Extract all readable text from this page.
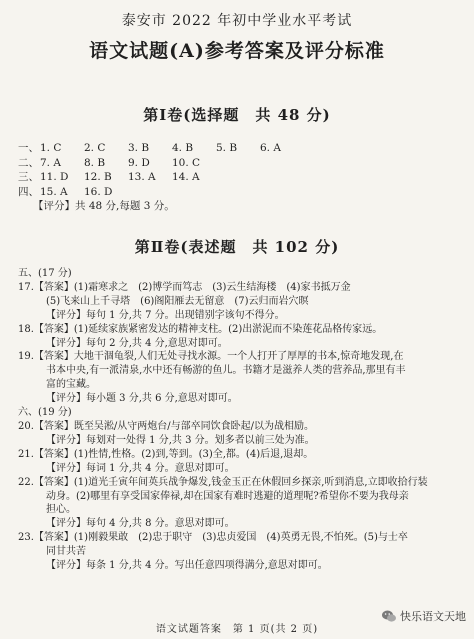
泰安市 2022 年初中学业水平考试
语文试题(A)参考答案及评分标准
第Ⅰ卷(选择题　共 48 分)
一、 1. C	2. C	3. B	4. B	5. B	6. A
二、 7. A	8. B	9. D	10. C
三、 11. D	12. B	13. A	14. A
四、 15. A	16. D
【评分】共 48 分,每题 3 分。
第Ⅱ卷(表述题　共 102 分)
五、(17 分)
17.【答案】(1)霜寒求之　(2)博学而笃志　(3)云生结海楼　(4)家书抵万金
(5)飞来山上千寻塔　(6)阁阳雁去无留意　(7)云归而岩穴暝
【评分】每句 1 分,共 7 分。出现错别字该句不得分。
18.【答案】(1)延续家族紧密发达的精神支柱。(2)出淤泥而不染莲花品格传家远。
【评分】每句 2 分,共 4 分,意思对即可。
19.【答案】大地干涸龟裂,人们无处寻找水源。一个人打开了厚厚的书本,惊奇地发现,在
书本中央,有一派清泉,水中还有畅游的鱼儿。书籍才是滋养人类的营养品,那里有丰
富的宝藏。
【评分】每小题 3 分,共 6 分,意思对即可。
六、(19 分)
20.【答案】既至吴淞/从守两炮台/与部卒同饮食卧起/以为战相励。
【评分】每划对一处得 1 分,共 3 分。划多者以前三处为准。
21.【答案】(1)性情,性格。(2)到,等到。(3)全,都。(4)后退,退却。
【评分】每词 1 分,共 4 分。意思对即可。
22.【答案】(1)道光壬寅年间英兵战争爆发,钱金玉正在休假回乡探亲,听到消息,立即收拾行装
动身。(2)哪里有享受国家俸禄,却在国家有难时逃避的道理呢?希望你不要为我母亲
担心。
【评分】每句 4 分,共 8 分。意思对即可。
23.【答案】(1)刚毅果敢　(2)忠于职守　(3)忠贞爱国　(4)英勇无畏,不怕死。(5)与士卒
同甘共苦
【评分】每条 1 分,共 4 分。写出任意四项得满分,意思对即可。
语文试题答案　第 1 页(共 2 页)
快乐语文天地
